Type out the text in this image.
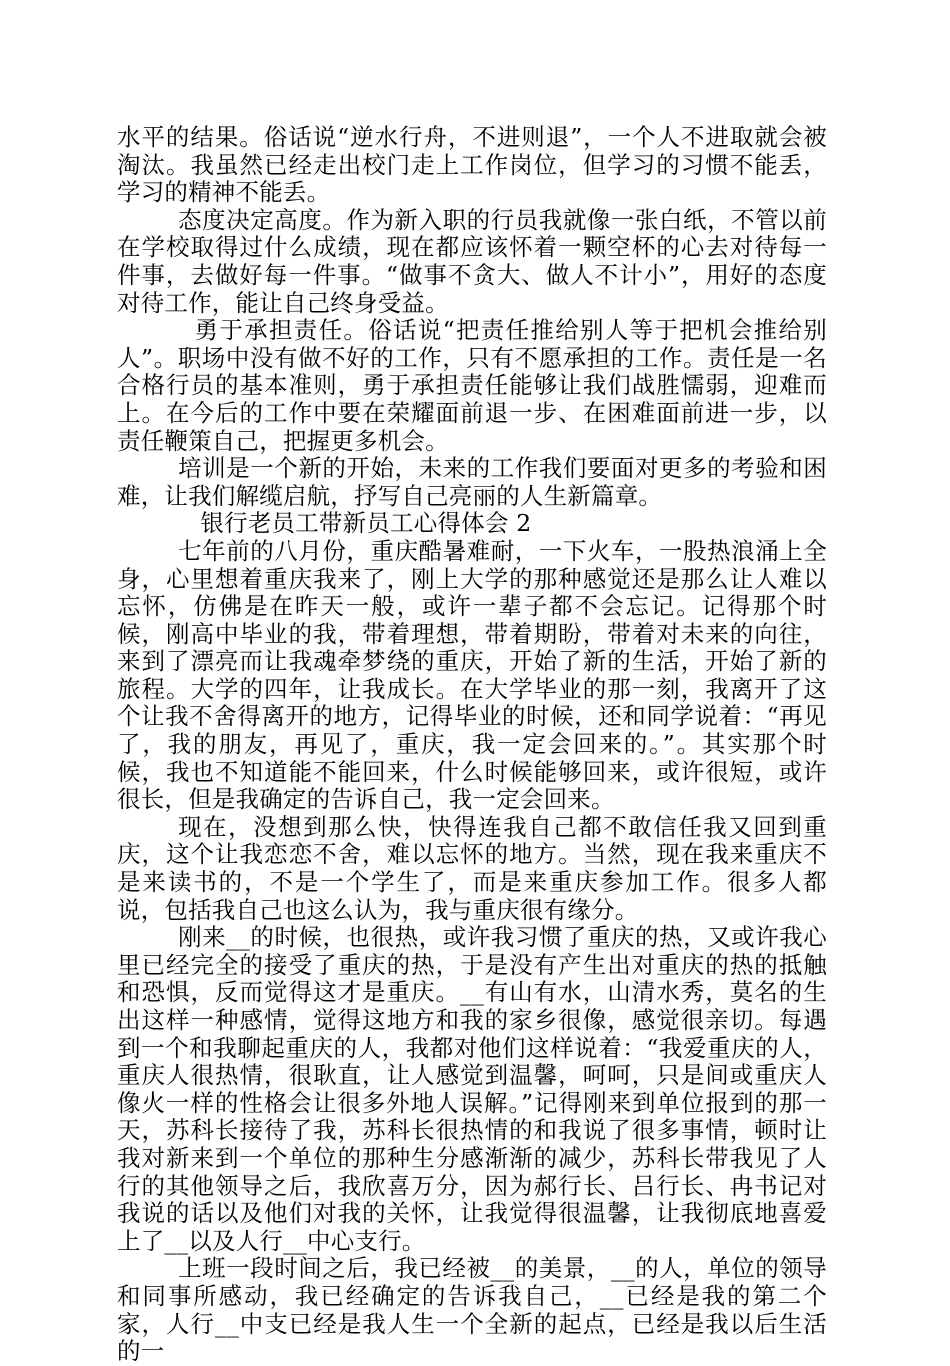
水平的结果。俗话说“逆水行舟，不进则退”，一个人不进取就会被淘汰。我虽然已经走出校门走上工作岗位，但学习的习惯不能丢，学习的精神不能丢。

态度决定高度。作为新入职的行员我就像一张白纸，不管以前在学校取得过什么成绩，现在都应该怀着一颗空杯的心去对待每一件事，去做好每一件事。“做事不贪大、做人不计小”，用好的态度对待工作，能让自己终身受益。

勇于承担责任。俗话说“把责任推给别人等于把机会推给别人”。职场中没有做不好的工作，只有不愿承担的工作。责任是一名合格行员的基本准则，勇于承担责任能够让我们战胜懦弱，迎难而上。在今后的工作中要在荣耀面前退一步、在困难面前进一步，以责任鞭策自己，把握更多机会。

培训是一个新的开始，未来的工作我们要面对更多的考验和困难，让我们解缆启航，抒写自己亮丽的人生新篇章。

银行老员工带新员工心得体会 2

七年前的八月份，重庆酷暑难耐，一下火车，一股热浪涌上全身，心里想着重庆我来了，刚上大学的那种感觉还是那么让人难以忘怀，仿佛是在昨天一般，或许一辈子都不会忘记。记得那个时候，刚高中毕业的我，带着理想，带着期盼，带着对未来的向往，来到了漂亮而让我魂牵梦绕的重庆，开始了新的生活，开始了新的旅程。大学的四年，让我成长。在大学毕业的那一刻，我离开了这个让我不舍得离开的地方，记得毕业的时候，还和同学说着：“再见了，我的朋友，再见了，重庆，我一定会回来的。”。其实那个时候，我也不知道能不能回来，什么时候能够回来，或许很短，或许很长，但是我确定的告诉自己，我一定会回来。

现在，没想到那么快，快得连我自己都不敢信任我又回到重庆，这个让我恋恋不舍，难以忘怀的地方。当然，现在我来重庆不是来读书的，不是一个学生了，而是来重庆参加工作。很多人都说，包括我自己也这么认为，我与重庆很有缘分。

刚来__的时候，也很热，或许我习惯了重庆的热，又或许我心里已经完全的接受了重庆的热，于是没有产生出对重庆的热的抵触和恐惧，反而觉得这才是重庆。__有山有水，山清水秀，莫名的生出这样一种感情，觉得这地方和我的家乡很像，感觉很亲切。每遇到一个和我聊起重庆的人，我都对他们这样说着：“我爱重庆的人，重庆人很热情，很耿直，让人感觉到温馨，呵呵，只是间或重庆人像火一样的性格会让很多外地人误解。”记得刚来到单位报到的那一天，苏科长接待了我，苏科长很热情的和我说了很多事情，顿时让我对新来到一个单位的那种生分感渐渐的减少，苏科长带我见了人行的其他领导之后，我欣喜万分，因为郝行长、吕行长、冉书记对我说的话以及他们对我的关怀，让我觉得很温馨，让我彻底地喜爱上了__以及人行__中心支行。

上班一段时间之后，我已经被__的美景，__的人，单位的领导和同事所感动，我已经确定的告诉我自己，__已经是我的第二个家，人行__中支已经是我人生一个全新的起点，已经是我以后生活的一
